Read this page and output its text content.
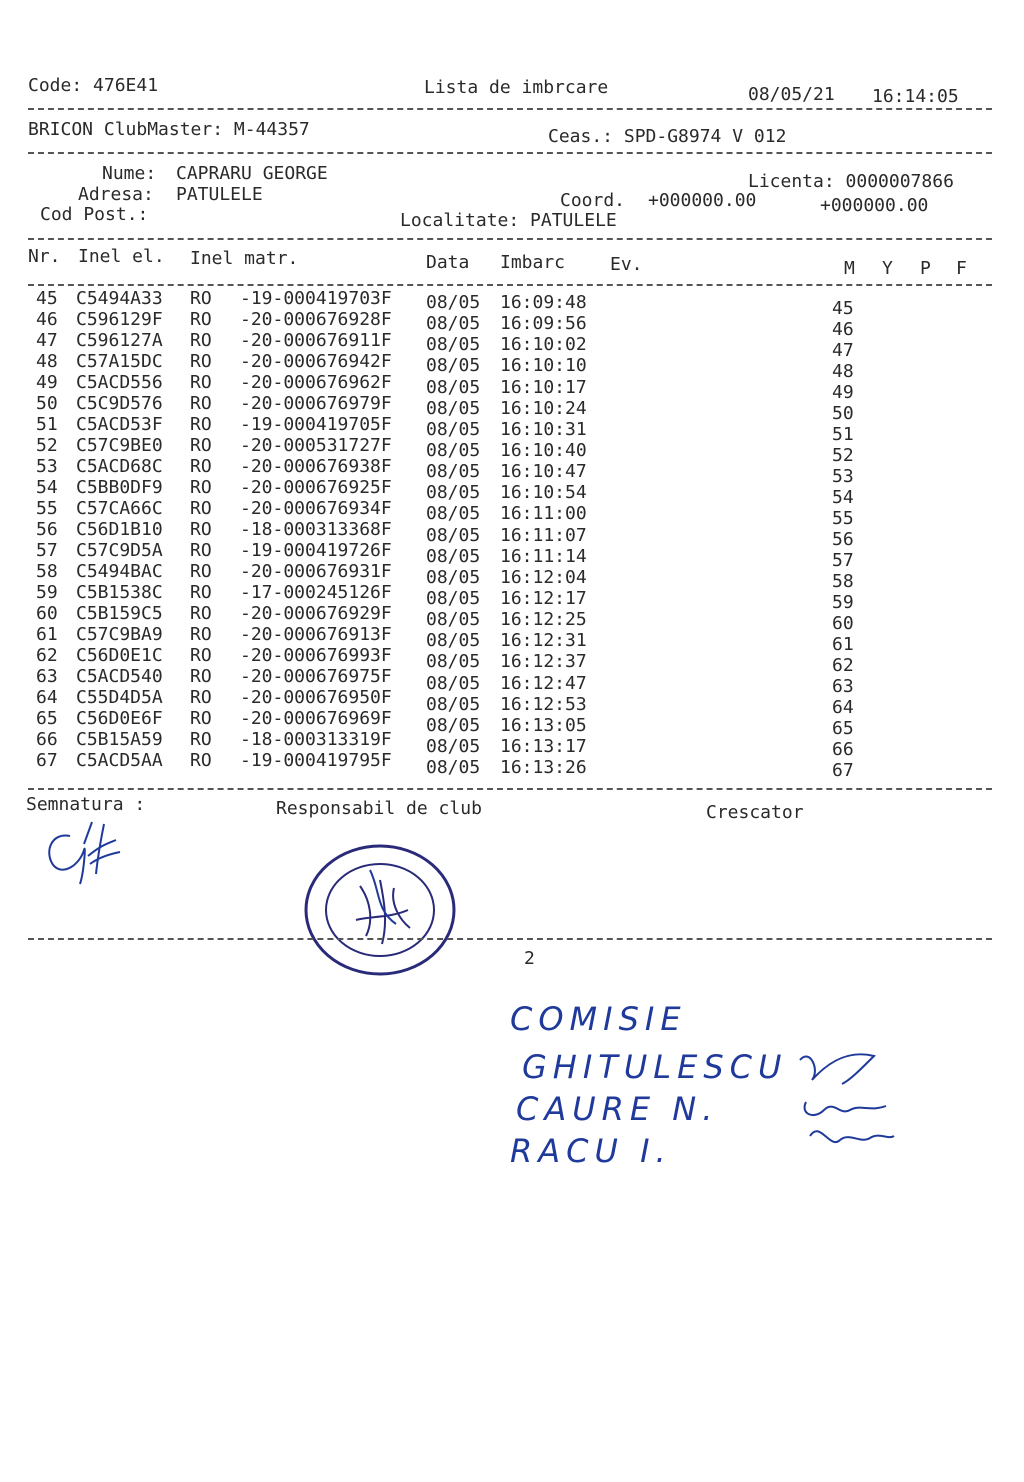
Code: 476E41	Lista de imbrcare	08/05/21 16:14:05
BRICON ClubMaster: M-44357	Ceas.: SPD-G8974 V 012
Nume: CAPRARU GEORGE
Adresa: PATULELE
Cod Post.:
Licenta: 0000007866
Coord. +000000.00	+000000.00
Localitate: PATULELE
Nr. Inel el. Inel matr.	Data Imbarc Ev.	M Y P F
45 C5494A33 RO -19-000419703F 08/05 16:09:48	45
46 C596129F RO -20-000676928F 08/05 16:09:56	46
47 C596127A RO -20-000676911F 08/05 16:10:02	47
48 C57A15DC RO -20-000676942F 08/05 16:10:10	48
49 C5ACD556 RO -20-000676962F 08/05 16:10:17	49
50 C5C9D576 RO -20-000676979F 08/05 16:10:24	50
51 C5ACD53F RO -19-000419705F 08/05 16:10:31	51
52 C57C9BE0 RO -20-000531727F 08/05 16:10:40	52
53 C5ACD68C RO -20-000676938F 08/05 16:10:47	53
54 C5BB0DF9 RO -20-000676925F 08/05 16:10:54	54
55 C57CA66C RO -20-000676934F 08/05 16:11:00	55
56 C56D1B10 RO -18-000313368F 08/05 16:11:07	56
57 C57C9D5A RO -19-000419726F 08/05 16:11:14	57
58 C5494BAC RO -20-000676931F 08/05 16:12:04	58
59 C5B1538C RO -17-000245126F 08/05 16:12:17	59
60 C5B159C5 RO -20-000676929F 08/05 16:12:25	60
61 C57C9BA9 RO -20-000676913F 08/05 16:12:31	61
62 C56D0E1C RO -20-000676993F 08/05 16:12:37	62
63 C5ACD540 RO -20-000676975F 08/05 16:12:47	63
64 C55D4D5A RO -20-000676950F 08/05 16:12:53	64
65 C56D0E6F RO -20-000676969F 08/05 16:13:05	65
66 C5B15A59 RO -18-000313319F 08/05 16:13:17	66
67 C5ACD5AA RO -19-000419795F 08/05 16:13:26	67
Semnatura :	Responsabil de club	Crescator
2
COMISIE
GHITULESCU
CAURE N.
RACU I.
